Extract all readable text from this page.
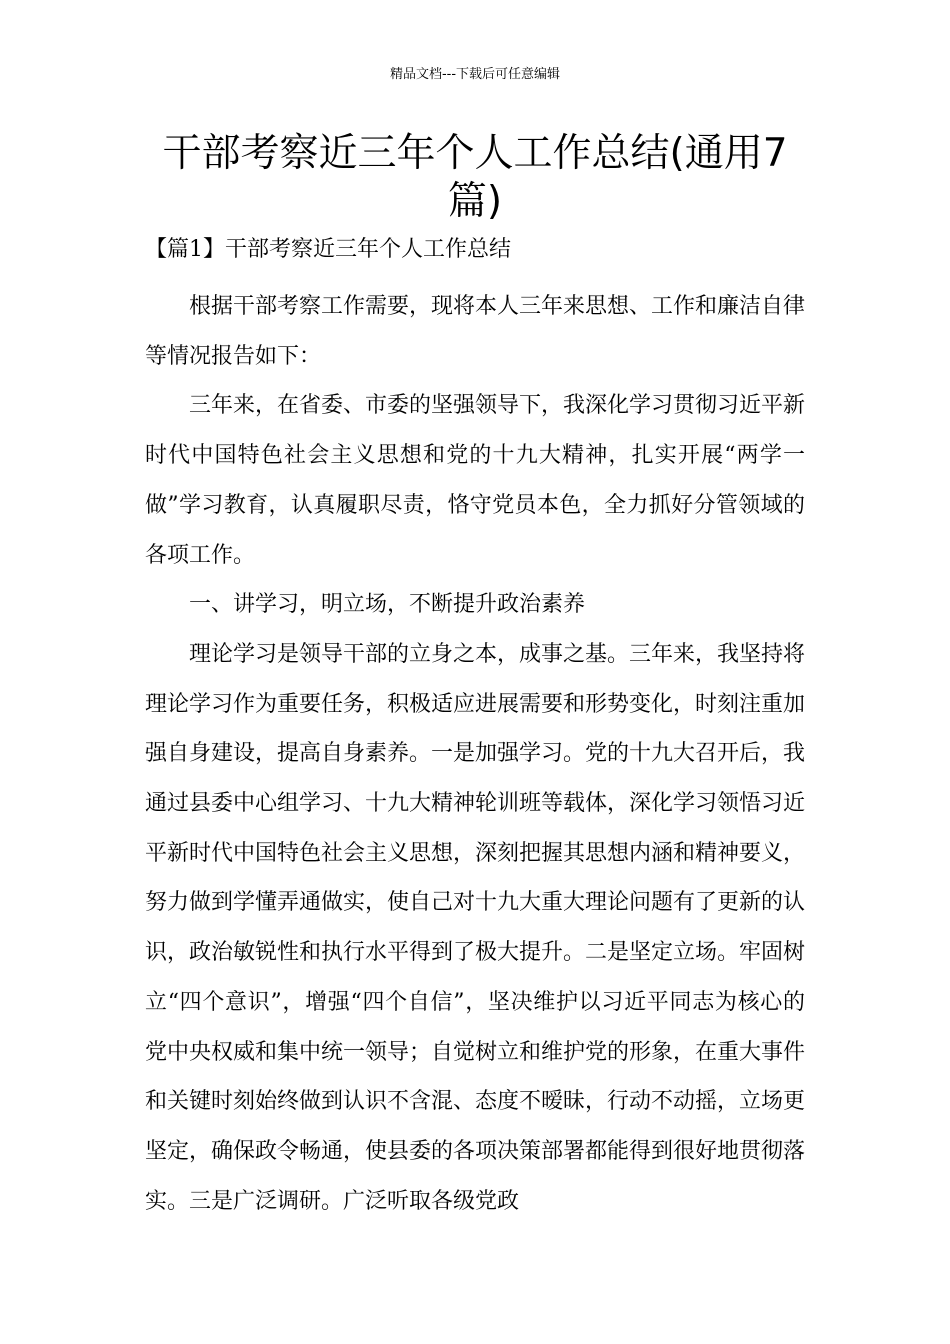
精品文档---下载后可任意编辑
干部考察近三年个人工作总结(通用7篇)
【篇1】干部考察近三年个人工作总结

根据干部考察工作需要，现将本人三年来思想、工作和廉洁自律等情况报告如下：

三年来，在省委、市委的坚强领导下，我深化学习贯彻习近平新时代中国特色社会主义思想和党的十九大精神，扎实开展“两学一做”学习教育，认真履职尽责，恪守党员本色，全力抓好分管领域的各项工作。

一、讲学习，明立场，不断提升政治素养

理论学习是领导干部的立身之本，成事之基。三年来，我坚持将理论学习作为重要任务，积极适应进展需要和形势变化，时刻注重加强自身建设，提高自身素养。一是加强学习。党的十九大召开后，我通过县委中心组学习、十九大精神轮训班等载体，深化学习领悟习近平新时代中国特色社会主义思想，深刻把握其思想内涵和精神要义，努力做到学懂弄通做实，使自己对十九大重大理论问题有了更新的认识，政治敏锐性和执行水平得到了极大提升。二是坚定立场。牢固树立“四个意识”，增强“四个自信”，坚决维护以习近平同志为核心的党中央权威和集中统一领导；自觉树立和维护党的形象，在重大事件和关键时刻始终做到认识不含混、态度不暧昧，行动不动摇，立场更坚定，确保政令畅通，使县委的各项决策部署都能得到很好地贯彻落实。三是广泛调研。广泛听取各级党政
